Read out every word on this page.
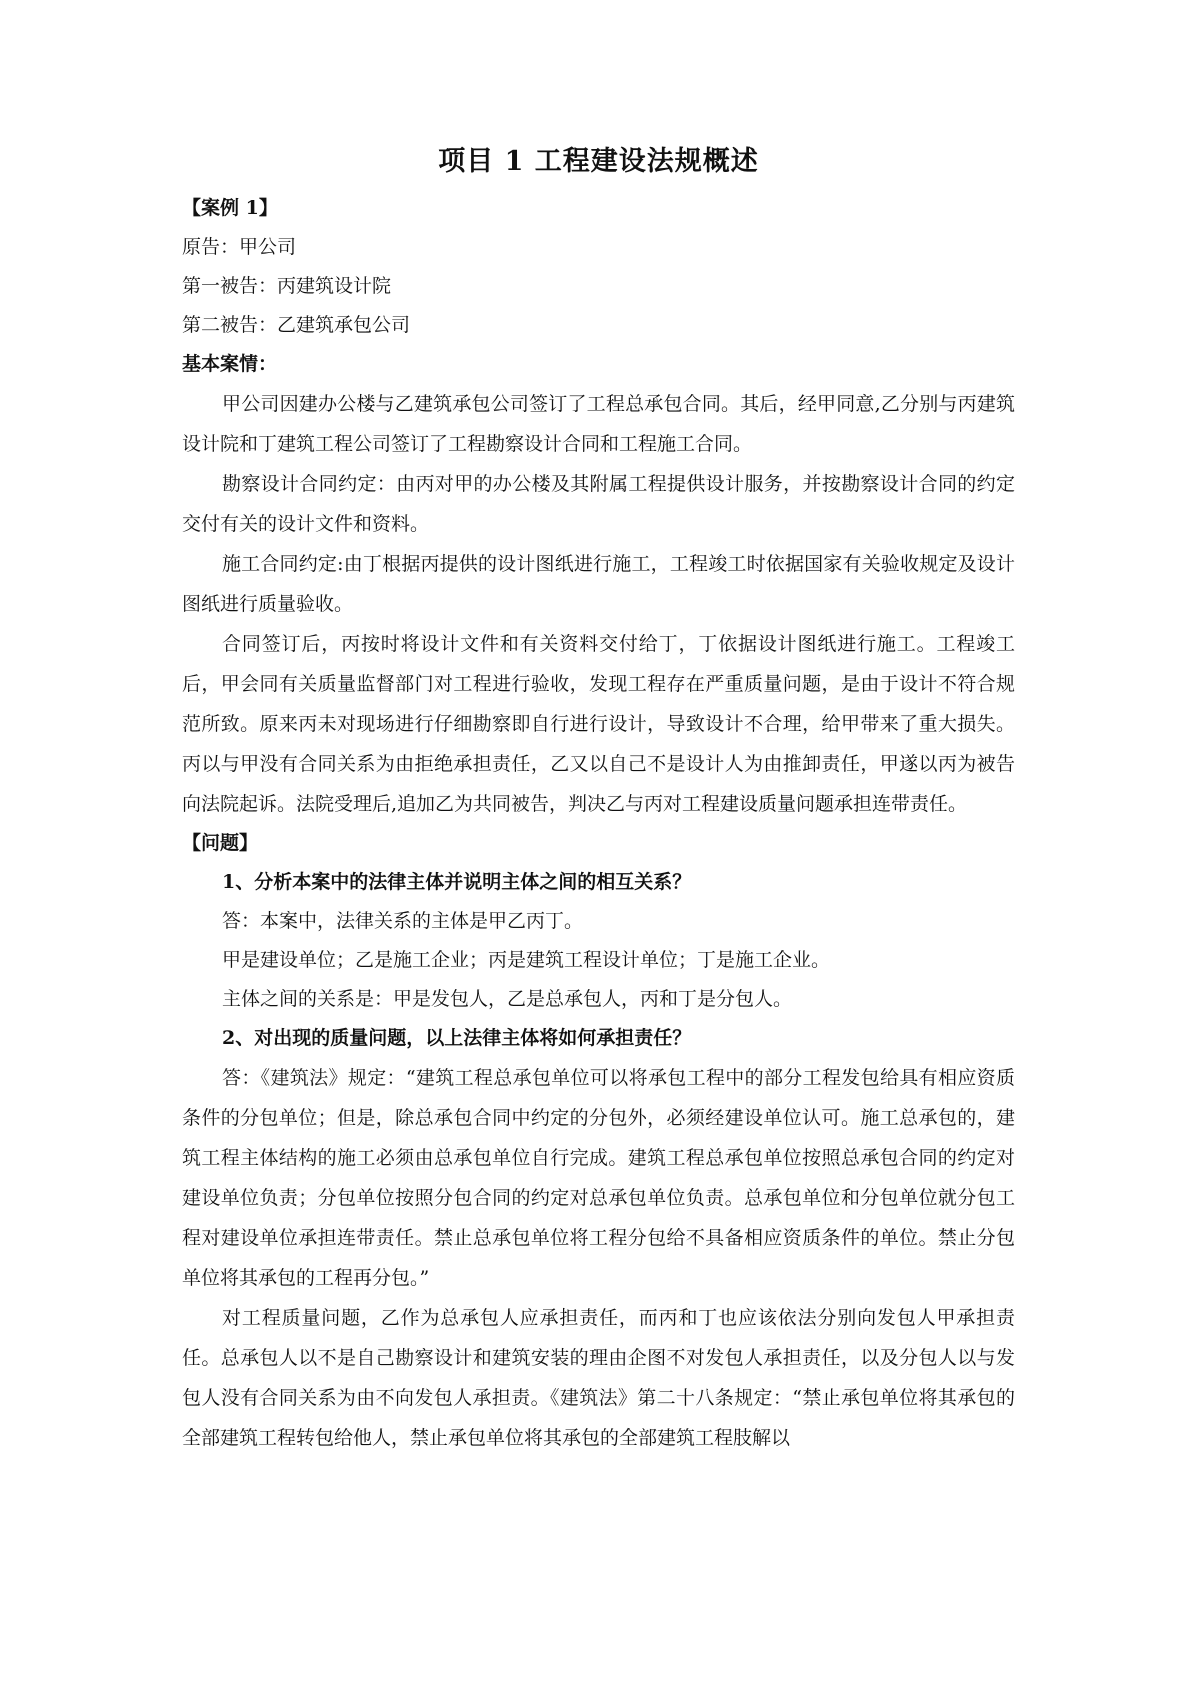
项目 1 工程建设法规概述

【案例 1】

原告：甲公司

第一被告：丙建筑设计院

第二被告：乙建筑承包公司

基本案情：

甲公司因建办公楼与乙建筑承包公司签订了工程总承包合同。其后，经甲同意,乙分别与丙建筑设计院和丁建筑工程公司签订了工程勘察设计合同和工程施工合同。

勘察设计合同约定：由丙对甲的办公楼及其附属工程提供设计服务，并按勘察设计合同的约定交付有关的设计文件和资料。

施工合同约定:由丁根据丙提供的设计图纸进行施工，工程竣工时依据国家有关验收规定及设计图纸进行质量验收。

合同签订后，丙按时将设计文件和有关资料交付给丁，丁依据设计图纸进行施工。工程竣工后，甲会同有关质量监督部门对工程进行验收，发现工程存在严重质量问题，是由于设计不符合规范所致。原来丙未对现场进行仔细勘察即自行进行设计，导致设计不合理，给甲带来了重大损失。丙以与甲没有合同关系为由拒绝承担责任，乙又以自己不是设计人为由推卸责任，甲遂以丙为被告向法院起诉。法院受理后,追加乙为共同被告，判决乙与丙对工程建设质量问题承担连带责任。

【问题】

1、分析本案中的法律主体并说明主体之间的相互关系？

答：本案中，法律关系的主体是甲乙丙丁。

甲是建设单位；乙是施工企业；丙是建筑工程设计单位；丁是施工企业。

主体之间的关系是：甲是发包人，乙是总承包人，丙和丁是分包人。

2、对出现的质量问题，以上法律主体将如何承担责任？

答：《建筑法》规定：“建筑工程总承包单位可以将承包工程中的部分工程发包给具有相应资质条件的分包单位；但是，除总承包合同中约定的分包外，必须经建设单位认可。施工总承包的，建筑工程主体结构的施工必须由总承包单位自行完成。建筑工程总承包单位按照总承包合同的约定对建设单位负责；分包单位按照分包合同的约定对总承包单位负责。总承包单位和分包单位就分包工程对建设单位承担连带责任。禁止总承包单位将工程分包给不具备相应资质条件的单位。禁止分包单位将其承包的工程再分包。”

对工程质量问题，乙作为总承包人应承担责任，而丙和丁也应该依法分别向发包人甲承担责任。总承包人以不是自己勘察设计和建筑安装的理由企图不对发包人承担责任，以及分包人以与发包人没有合同关系为由不向发包人承担责。《建筑法》第二十八条规定：“禁止承包单位将其承包的全部建筑工程转包给他人，禁止承包单位将其承包的全部建筑工程肢解以
